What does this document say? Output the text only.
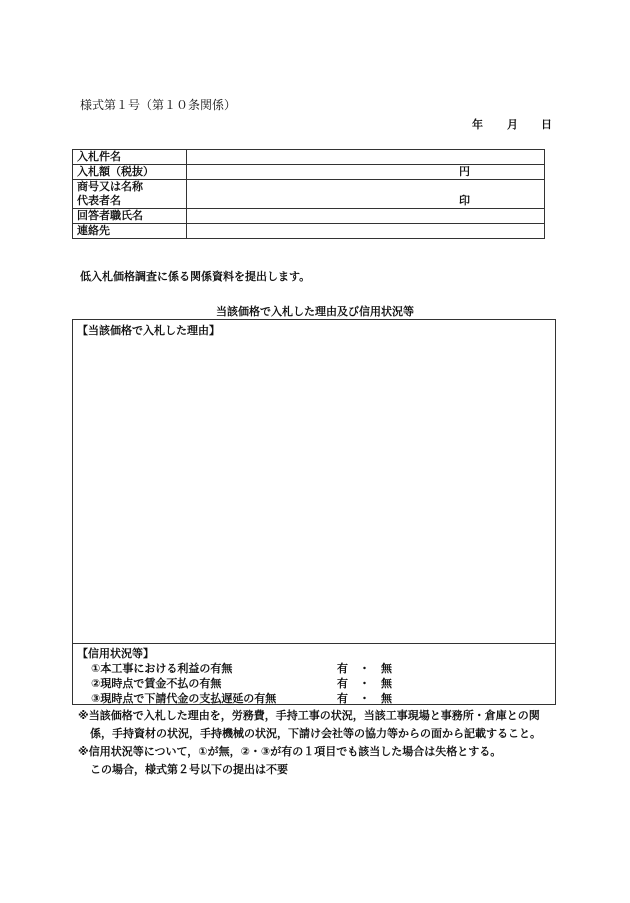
様式第１号（第１０条関係）
年 月 日
入札件名	

入札額（税抜）	円

商号又は名称	

代表者名	印

回答者職氏名	

連絡先	
低入札価格調査に係る関係資料を提出します。
当該価格で入札した理由及び信用状況等
【当該価格で入札した理由】
【信用状況等】
①本工事における利益の有無	有　・　無
②現時点で賃金不払の有無	有　・　無
③現時点で下請代金の支払遅延の有無	有　・　無

※当該価格で入札した理由を，労務費，手持工事の状況，当該工事現場と事務所・倉庫との関係，手持資材の状況，手持機械の状況，下請け会社等の協力等からの面から記載すること。

※信用状況等について，①が無，②・③が有の１項目でも該当した場合は失格とする。

この場合，様式第２号以下の提出は不要
